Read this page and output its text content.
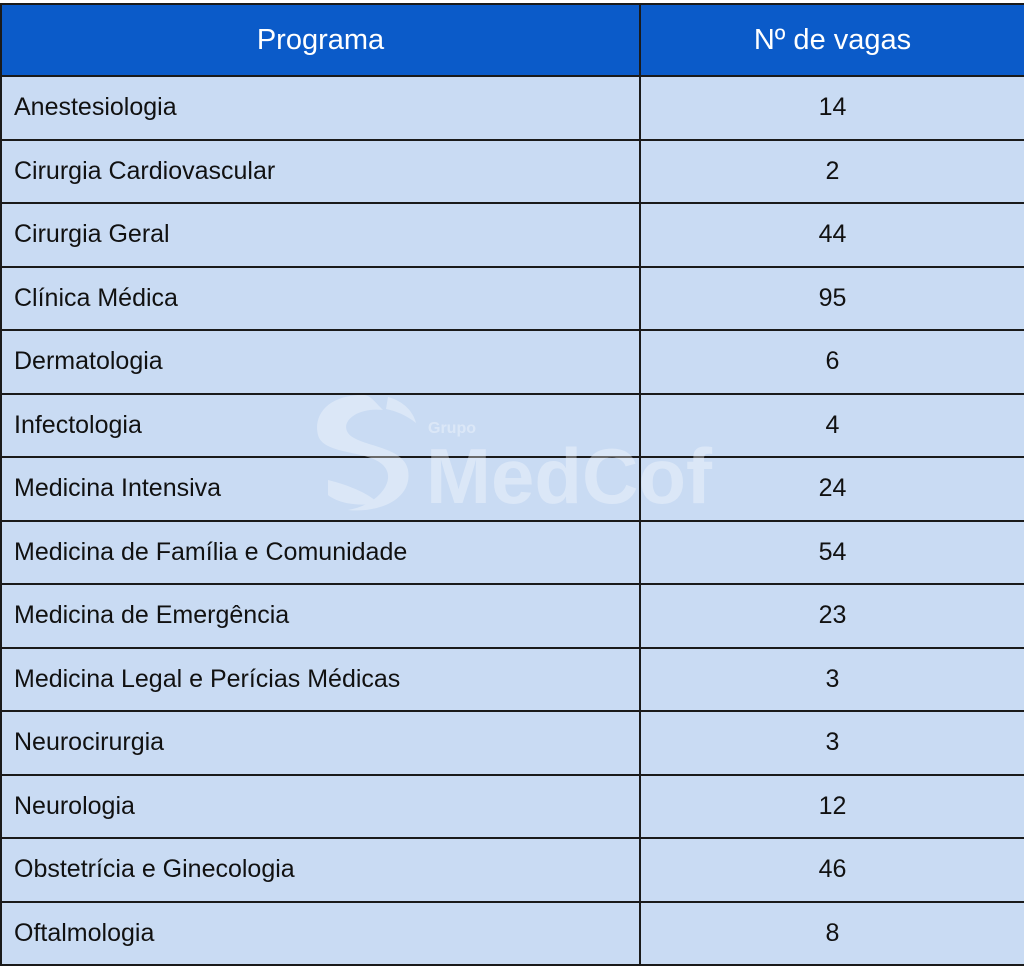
Programa	Nº de vagas
Anestesiologia	14
Cirurgia Cardiovascular	2
Cirurgia Geral	44
Clínica Médica	95
Dermatologia	6
Infectologia	4
Medicina Intensiva	24
Medicina de Família e Comunidade	54
Medicina de Emergência	23
Medicina Legal e Perícias Médicas	3
Neurocirurgia	3
Neurologia	12
Obstetrícia e Ginecologia	46
Oftalmologia	8
Grupo
MedCof
